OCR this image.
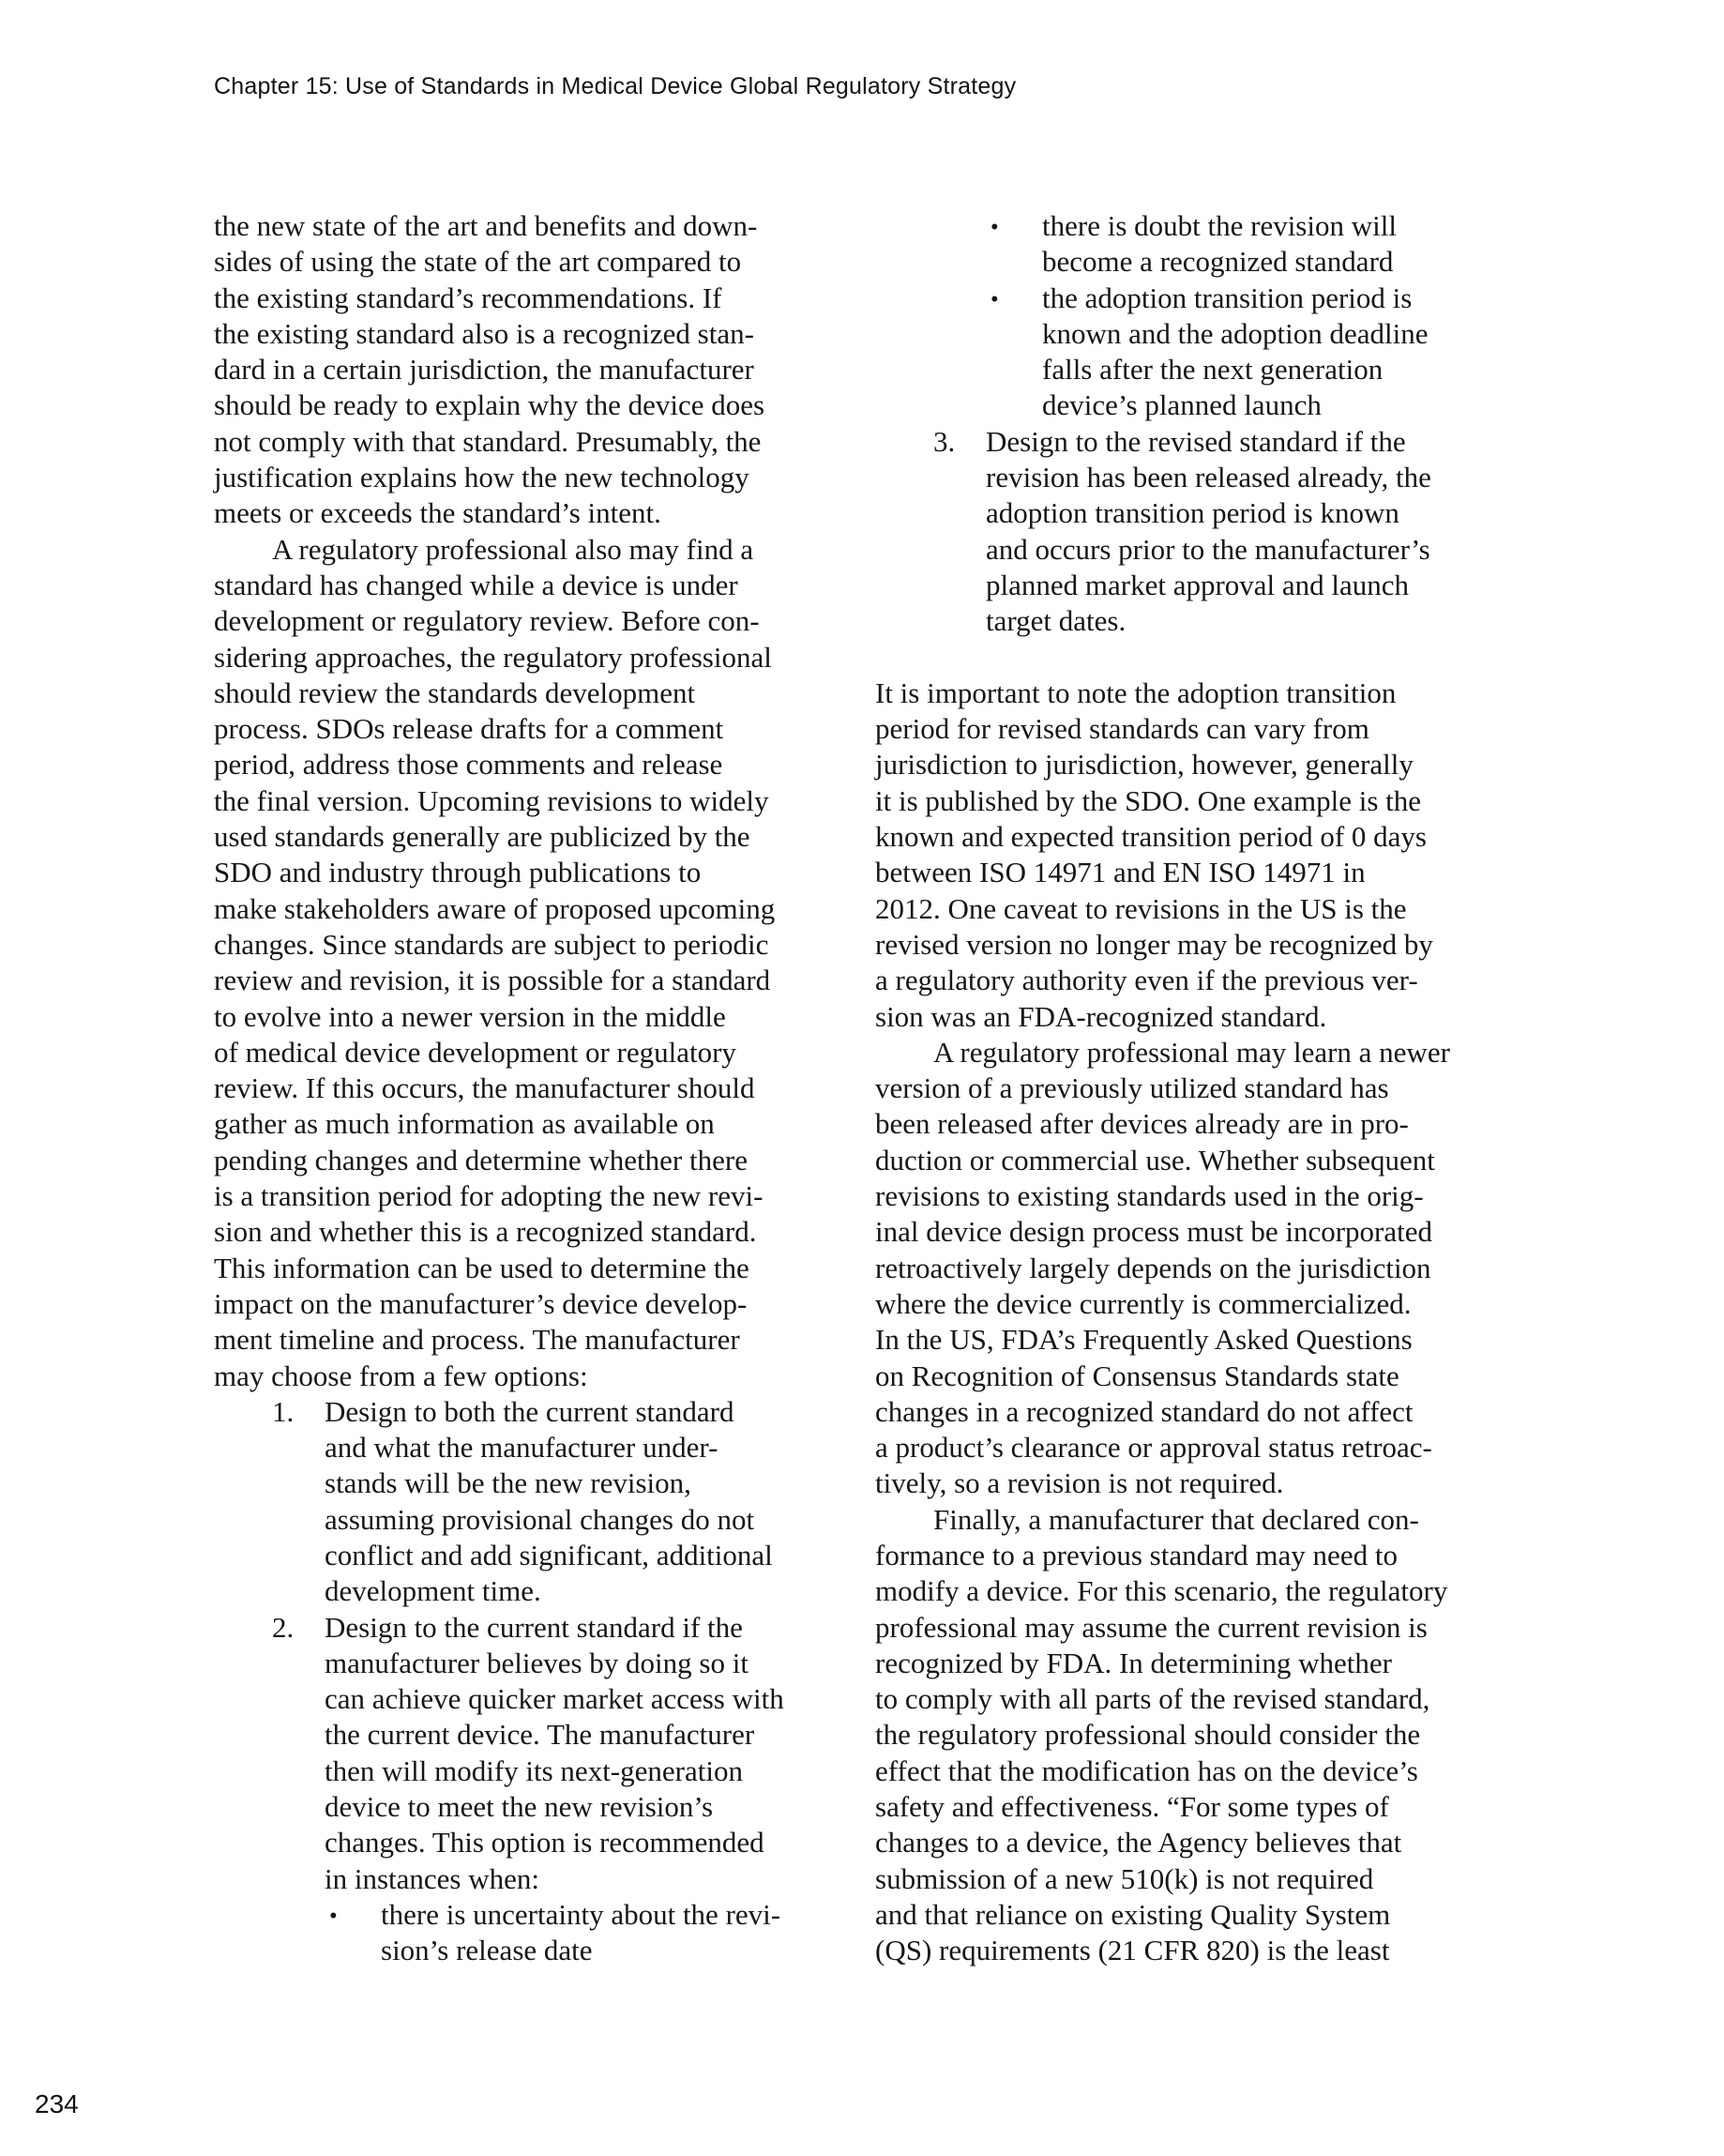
Chapter 15: Use of Standards in Medical Device Global Regulatory Strategy
the new state of the art and benefits and down-
sides of using the state of the art compared to
the existing standard’s recommendations. If
the existing standard also is a recognized stan-
dard in a certain jurisdiction, the manufacturer
should be ready to explain why the device does
not comply with that standard. Presumably, the
justification explains how the new technology
meets or exceeds the standard’s intent.
A regulatory professional also may find a
standard has changed while a device is under
development or regulatory review. Before con-
sidering approaches, the regulatory professional
should review the standards development
process. SDOs release drafts for a comment
period, address those comments and release
the final version. Upcoming revisions to widely
used standards generally are publicized by the
SDO and industry through publications to
make stakeholders aware of proposed upcoming
changes. Since standards are subject to periodic
review and revision, it is possible for a standard
to evolve into a newer version in the middle
of medical device development or regulatory
review. If this occurs, the manufacturer should
gather as much information as available on
pending changes and determine whether there
is a transition period for adopting the new revi-
sion and whether this is a recognized standard.
This information can be used to determine the
impact on the manufacturer’s device develop-
ment timeline and process. The manufacturer
may choose from a few options:
1. Design to both the current standard
and what the manufacturer under-
stands will be the new revision,
assuming provisional changes do not
conflict and add significant, additional
development time.
2. Design to the current standard if the
manufacturer believes by doing so it
can achieve quicker market access with
the current device. The manufacturer
then will modify its next-generation
device to meet the new revision’s
changes. This option is recommended
in instances when:
• there is uncertainty about the revi-
sion’s release date
• there is doubt the revision will
become a recognized standard
• the adoption transition period is
known and the adoption deadline
falls after the next generation
device’s planned launch
3. Design to the revised standard if the
revision has been released already, the
adoption transition period is known
and occurs prior to the manufacturer’s
planned market approval and launch
target dates.
It is important to note the adoption transition
period for revised standards can vary from
jurisdiction to jurisdiction, however, generally
it is published by the SDO. One example is the
known and expected transition period of 0 days
between ISO 14971 and EN ISO 14971 in
2012. One caveat to revisions in the US is the
revised version no longer may be recognized by
a regulatory authority even if the previous ver-
sion was an FDA-recognized standard.
A regulatory professional may learn a newer
version of a previously utilized standard has
been released after devices already are in pro-
duction or commercial use. Whether subsequent
revisions to existing standards used in the orig-
inal device design process must be incorporated
retroactively largely depends on the jurisdiction
where the device currently is commercialized.
In the US, FDA’s Frequently Asked Questions
on Recognition of Consensus Standards state
changes in a recognized standard do not affect
a product’s clearance or approval status retroac-
tively, so a revision is not required.
Finally, a manufacturer that declared con-
formance to a previous standard may need to
modify a device. For this scenario, the regulatory
professional may assume the current revision is
recognized by FDA. In determining whether
to comply with all parts of the revised standard,
the regulatory professional should consider the
effect that the modification has on the device’s
safety and effectiveness. “For some types of
changes to a device, the Agency believes that
submission of a new 510(k) is not required
and that reliance on existing Quality System
(QS) requirements (21 CFR 820) is the least
234
